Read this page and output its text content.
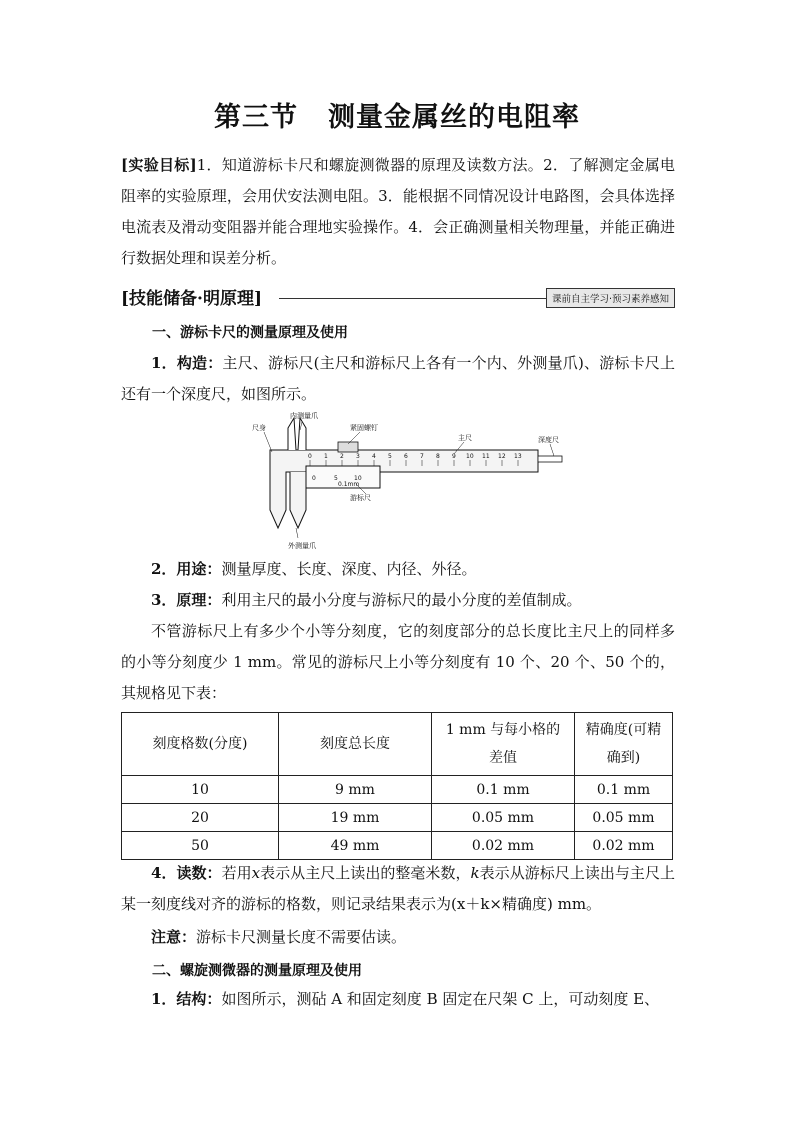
第三节 测量金属丝的电阻率
[实验目标]1．知道游标卡尺和螺旋测微器的原理及读数方法。2．了解测定金属电阻率的实验原理，会用伏安法测电阻。3．能根据不同情况设计电路图，会具体选择电流表及滑动变阻器并能合理地实验操作。4．会正确测量相关物理量，并能正确进行数据处理和误差分析。
[技能储备·明原理]	课前自主学习·预习素养感知
一、游标卡尺的测量原理及使用
1．构造：主尺、游标尺(主尺和游标尺上各有一个内、外测量爪)、游标卡尺上还有一个深度尺，如图所示。
0 1 2 3 4 5 6 7 8 9 10 11 12 13
0	5	10
0.1mm
尺身
内测量爪
紧固螺钉
主尺	深度尺
游标尺
外测量爪
2．用途：测量厚度、长度、深度、内径、外径。
3．原理：利用主尺的最小分度与游标尺的最小分度的差值制成。
不管游标尺上有多少个小等分刻度，它的刻度部分的总长度比主尺上的同样多的小等分刻度少 1 mm。常见的游标尺上小等分刻度有 10 个、20 个、50 个的，其规格见下表：
刻度格数(分度)	刻度总长度	1 mm 与每小格的差值	精确度(可精确到)
10	9 mm	0.1 mm	0.1 mm
20	19 mm	0.05 mm	0.05 mm
50	49 mm	0.02 mm	0.02 mm
4．读数：若用x表示从主尺上读出的整毫米数，k表示从游标尺上读出与主尺上某一刻度线对齐的游标的格数，则记录结果表示为(x＋k×精确度) mm。
注意：游标卡尺测量长度不需要估读。
二、螺旋测微器的测量原理及使用
1．结构：如图所示，测砧 A 和固定刻度 B 固定在尺架 C 上，可动刻度 E、
